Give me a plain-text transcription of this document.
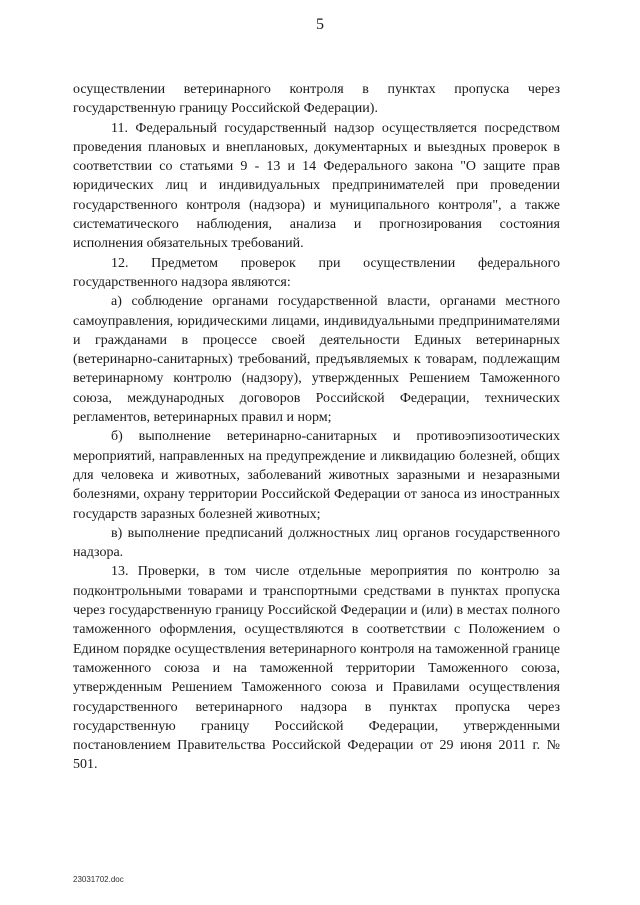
5

осуществлении ветеринарного контроля в пунктах пропуска через государственную границу Российской Федерации).

11. Федеральный государственный надзор осуществляется посредством проведения плановых и внеплановых, документарных и выездных проверок в соответствии со статьями 9 - 13 и 14 Федерального закона "О защите прав юридических лиц и индивидуальных предпринимателей при проведении государственного контроля (надзора) и муниципального контроля", а также систематического наблюдения, анализа и прогнозирования состояния исполнения обязательных требований.

12. Предметом проверок при осуществлении федерального государственного надзора являются:

а) соблюдение органами государственной власти, органами местного самоуправления, юридическими лицами, индивидуальными предпринимателями и гражданами в процессе своей деятельности Единых ветеринарных (ветеринарно-санитарных) требований, предъявляемых к товарам, подлежащим ветеринарному контролю (надзору), утвержденных Решением Таможенного союза, международных договоров Российской Федерации, технических регламентов, ветеринарных правил и норм;

б) выполнение ветеринарно-санитарных и противоэпизоотических мероприятий, направленных на предупреждение и ликвидацию болезней, общих для человека и животных, заболеваний животных заразными и незаразными болезнями, охрану территории Российской Федерации от заноса из иностранных государств заразных болезней животных;

в) выполнение предписаний должностных лиц органов государственного надзора.

13. Проверки, в том числе отдельные мероприятия по контролю за подконтрольными товарами и транспортными средствами в пунктах пропуска через государственную границу Российской Федерации и (или) в местах полного таможенного оформления, осуществляются в соответствии с Положением о Едином порядке осуществления ветеринарного контроля на таможенной границе таможенного союза и на таможенной территории Таможенного союза, утвержденным Решением Таможенного союза и Правилами осуществления государственного ветеринарного надзора в пунктах пропуска через государственную границу Российской Федерации, утвержденными постановлением Правительства Российской Федерации от 29 июня 2011 г. № 501.

23031702.doc
